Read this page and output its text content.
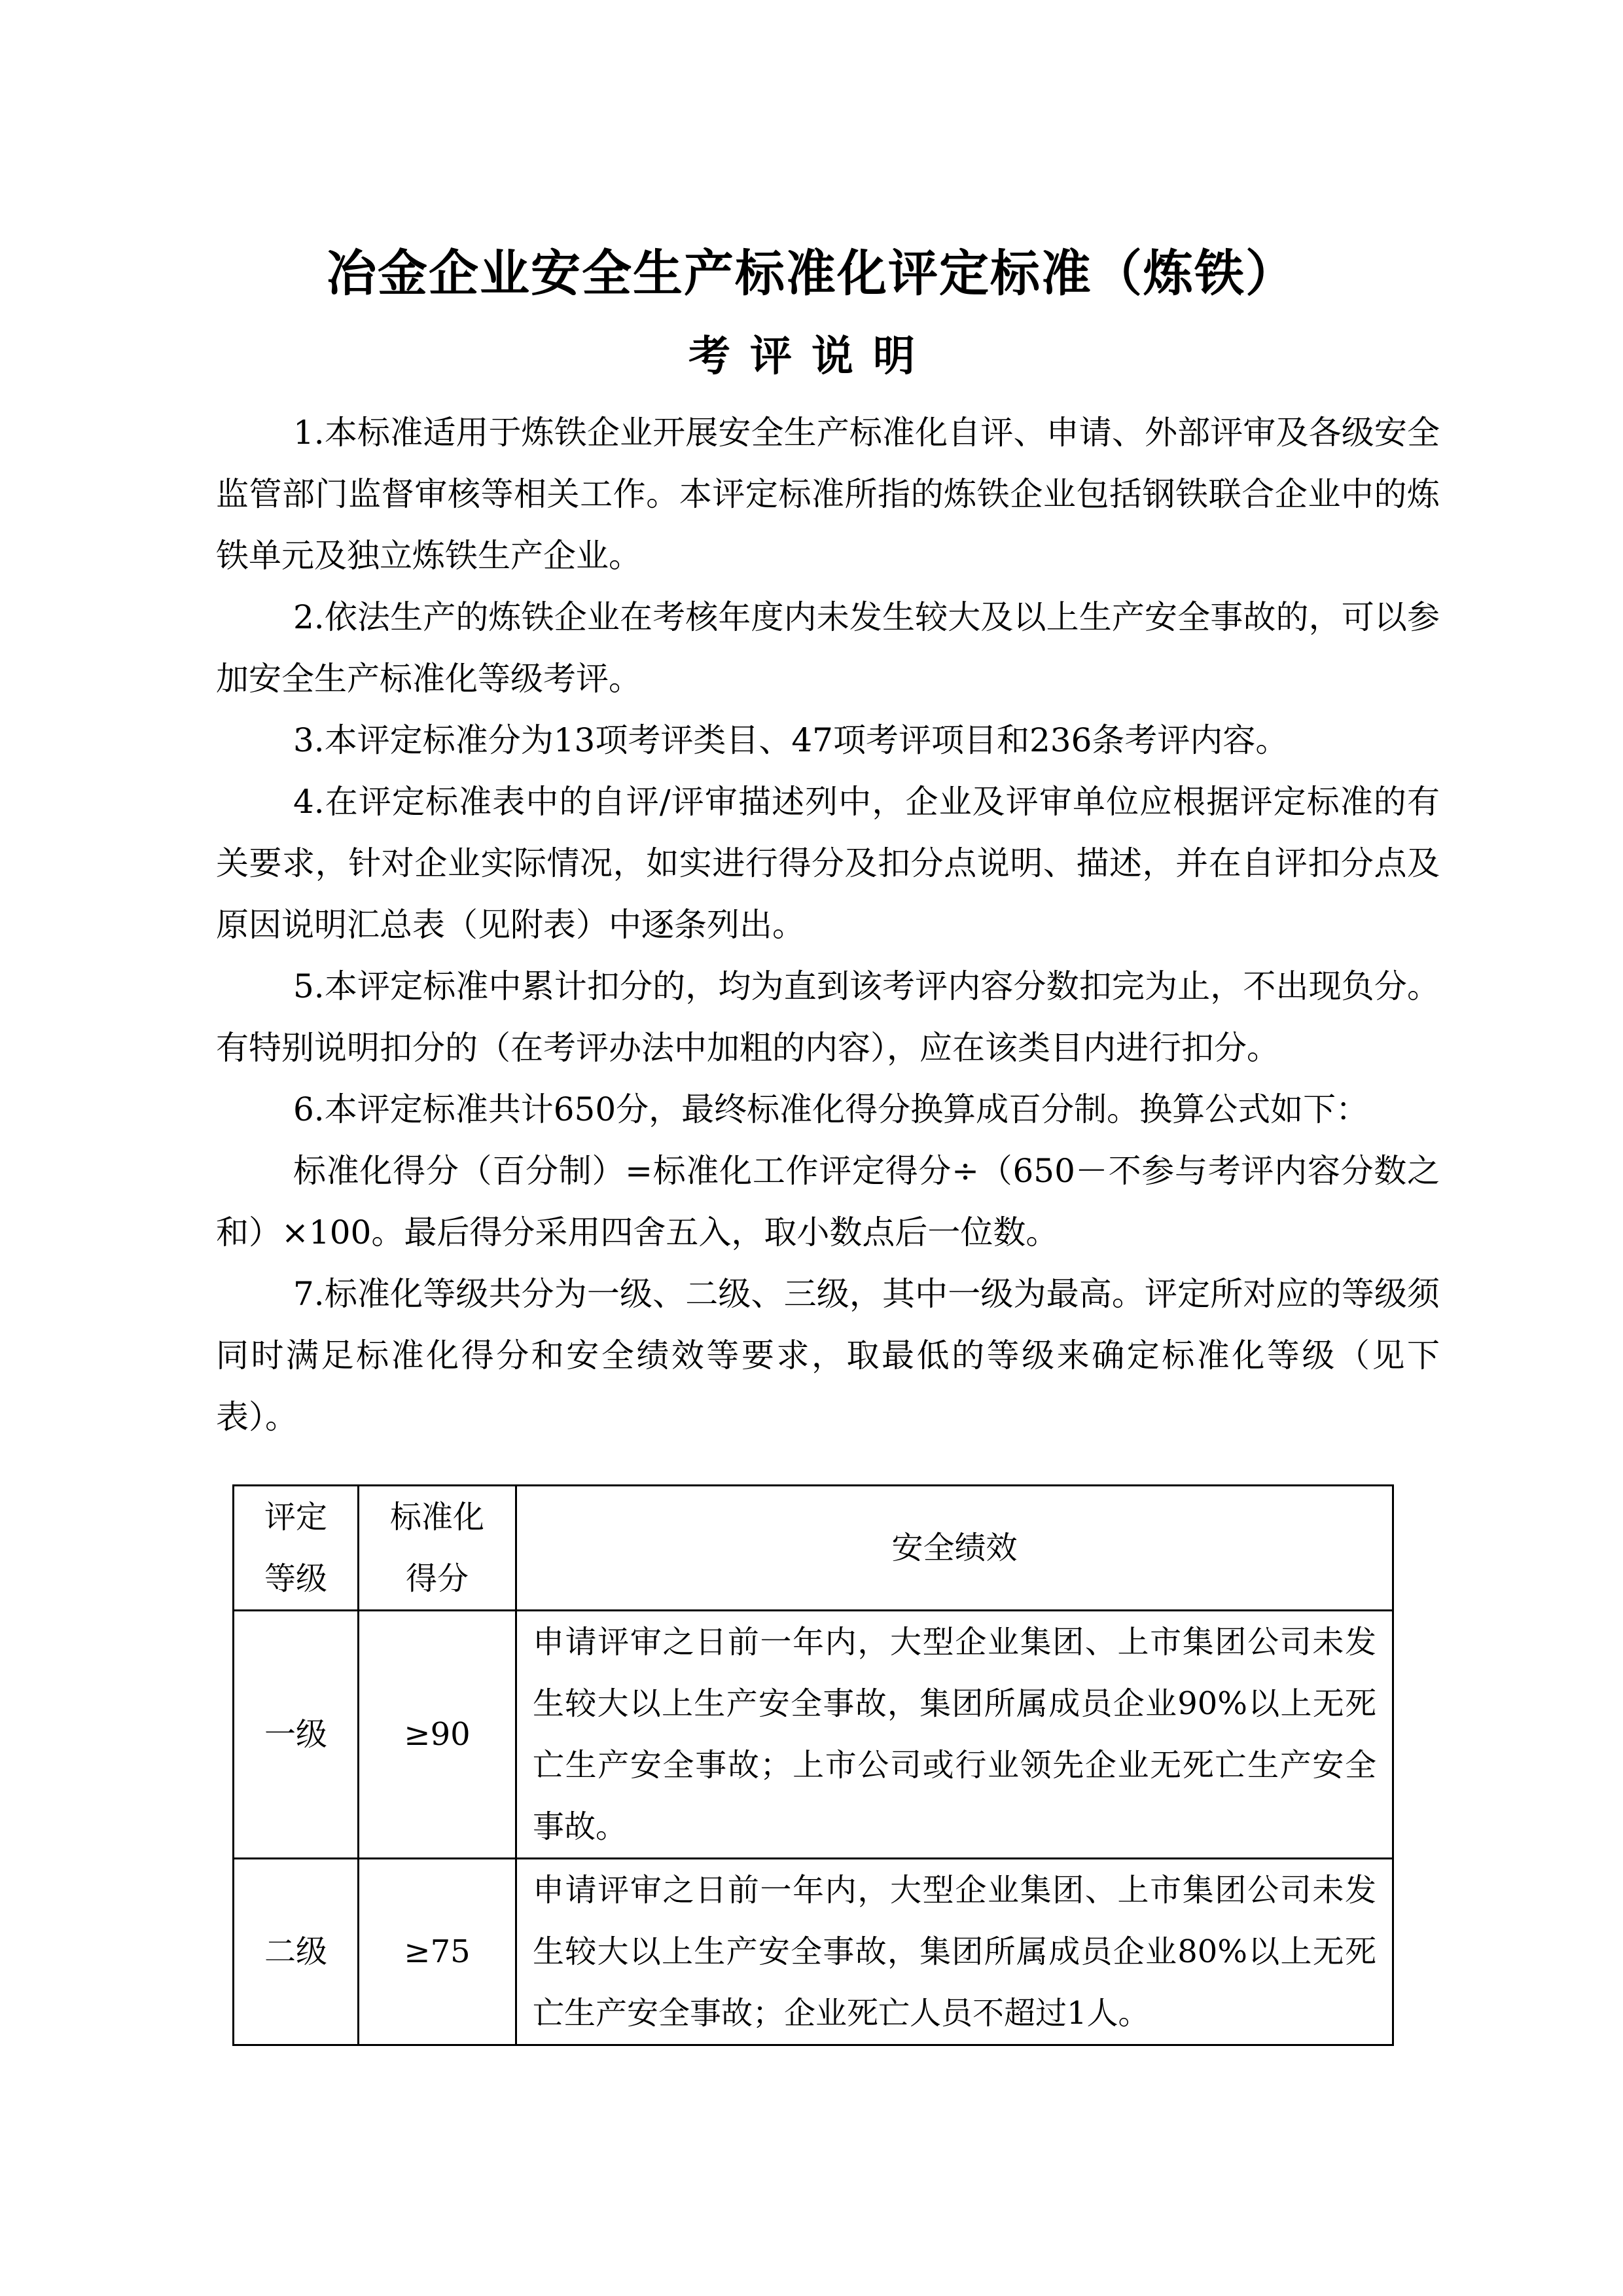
冶金企业安全生产标准化评定标准（炼铁）
考评说明

1.本标准适用于炼铁企业开展安全生产标准化自评、申请、外部评审及各级安全监管部门监督审核等相关工作。本评定标准所指的炼铁企业包括钢铁联合企业中的炼铁单元及独立炼铁生产企业。

2.依法生产的炼铁企业在考核年度内未发生较大及以上生产安全事故的，可以参加安全生产标准化等级考评。

3.本评定标准分为13项考评类目、47项考评项目和236条考评内容。

4.在评定标准表中的自评/评审描述列中，企业及评审单位应根据评定标准的有关要求，针对企业实际情况，如实进行得分及扣分点说明、描述，并在自评扣分点及原因说明汇总表（见附表）中逐条列出。

5.本评定标准中累计扣分的，均为直到该考评内容分数扣完为止，不出现负分。有特别说明扣分的（在考评办法中加粗的内容），应在该类目内进行扣分。

6.本评定标准共计650分，最终标准化得分换算成百分制。换算公式如下：

标准化得分（百分制）=标准化工作评定得分÷（650－不参与考评内容分数之和）×100。最后得分采用四舍五入，取小数点后一位数。

7.标准化等级共分为一级、二级、三级，其中一级为最高。评定所对应的等级须同时满足标准化得分和安全绩效等要求，取最低的等级来确定标准化等级（见下表）。

评定等级	标准化得分	安全绩效
一级	≥90	申请评审之日前一年内，大型企业集团、上市集团公司未发生较大以上生产安全事故，集团所属成员企业90%以上无死亡生产安全事故；上市公司或行业领先企业无死亡生产安全事故。
二级	≥75	申请评审之日前一年内，大型企业集团、上市集团公司未发生较大以上生产安全事故，集团所属成员企业80%以上无死亡生产安全事故；企业死亡人员不超过1人。
